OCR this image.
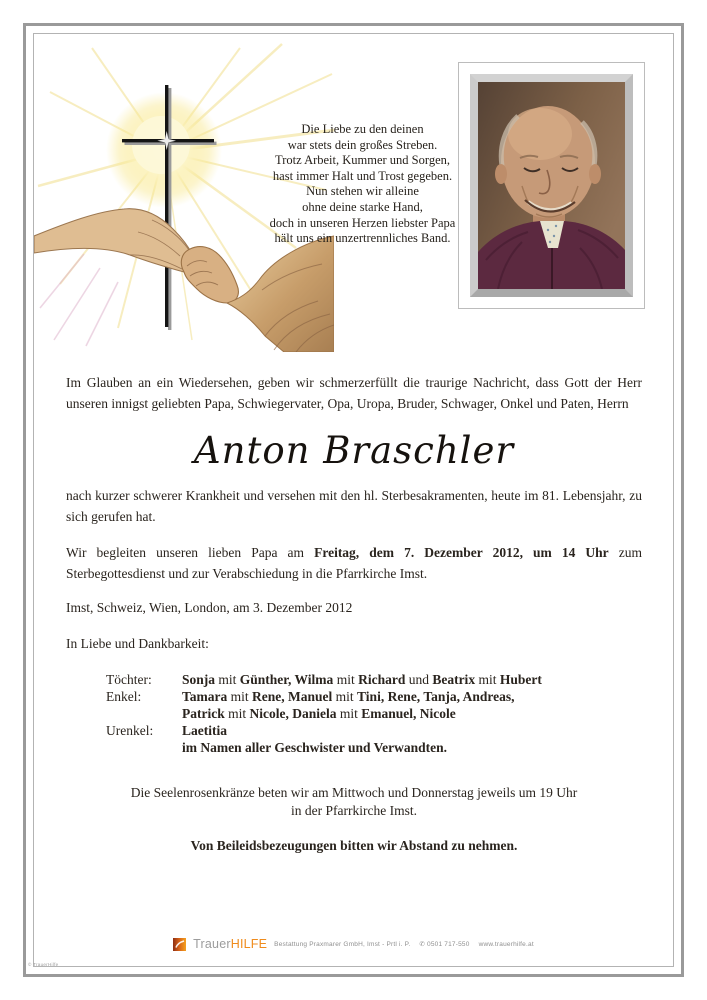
Die Liebe zu den deinen
war stets dein großes Streben.
Trotz Arbeit, Kummer und Sorgen,
hast immer Halt und Trost gegeben.
Nun stehen wir alleine
ohne deine starke Hand,
doch in unseren Herzen liebster Papa
hält uns ein unzertrennliches Band.

Im Glauben an ein Wiedersehen, geben wir schmerzerfüllt die traurige Nachricht, dass Gott der Herr unseren innigst geliebten Papa, Schwiegervater, Opa, Uropa, Bruder, Schwager, Onkel und Paten, Herrn

Anton Braschler

nach kurzer schwerer Krankheit und versehen mit den hl. Sterbesakramenten, heute im 81. Lebensjahr, zu sich gerufen hat.

Wir begleiten unseren lieben Papa am Freitag, dem 7. Dezember 2012, um 14 Uhr zum Sterbegottesdienst und zur Verabschiedung in die Pfarrkirche Imst.

Imst, Schweiz, Wien, London, am 3. Dezember 2012

In Liebe und Dankbarkeit:

Töchter:	Sonja mit Günther, Wilma mit Richard und Beatrix mit Hubert
Enkel:	Tamara mit Rene, Manuel mit Tini, Rene, Tanja, Andreas,
Patrick mit Nicole, Daniela mit Emanuel, Nicole
Urenkel:	Laetitia
im Namen aller Geschwister und Verwandten.

Die Seelenrosenkränze beten wir am Mittwoch und Donnerstag jeweils um 19 Uhr
in der Pfarrkirche Imst.

Von Beileidsbezeugungen bitten wir Abstand zu nehmen.

TrauerHILFE Bestattung Praxmarer GmbH, Imst - Prtl i. P. ✆ 0501 717-550 www.trauerhilfe.at
© TrauerHilfe
